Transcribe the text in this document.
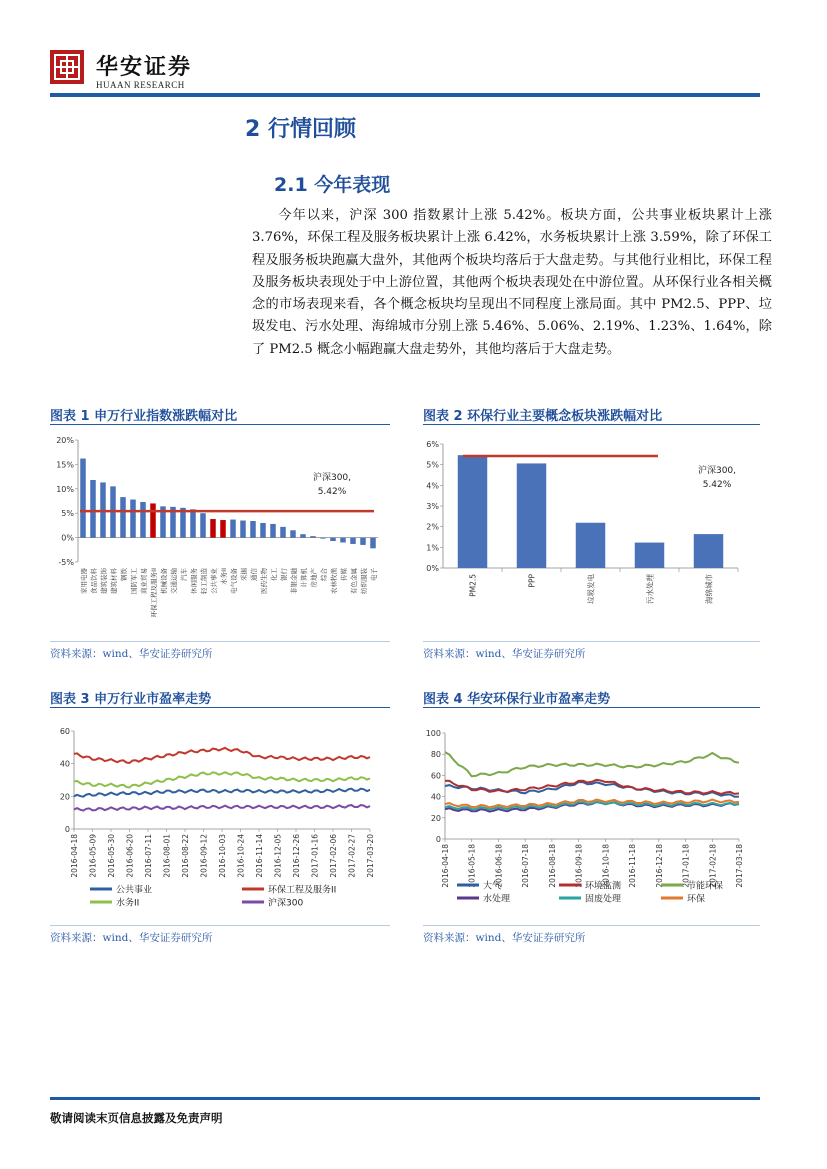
华安证券
HUAAN RESEARCH
2 行情回顾
2.1 今年表现
今年以来，沪深 300 指数累计上涨 5.42%。板块方面，公共事业板块累计上涨 3.76%，环保工程及服务板块累计上涨 6.42%，水务板块累计上涨 3.59%，除了环保工程及服务板块跑赢大盘外，其他两个板块均落后于大盘走势。与其他行业相比，环保工程及服务板块表现处于中上游位置，其他两个板块表现处在中游位置。从环保行业各相关概念的市场表现来看，各个概念板块均呈现出不同程度上涨局面。其中 PM2.5、PPP、垃圾发电、污水处理、海绵城市分别上涨 5.46%、5.06%、2.19%、1.23%、1.64%，除了 PM2.5 概念小幅跑赢大盘走势外，其他均落后于大盘走势。
图表 1 申万行业指数涨跌幅对比
20%
15%
10%
5%
0%
-5%
家用电器 食品饮料 建筑装饰 建筑材料 钢铁 国防军工 商业贸易 环保工程及服务II 机械设备 交通运输 汽车 休闲服务 轻工制造 公共事业 水务II 电气设备 采掘 通信 医药生物 化工 银行 非银金融 计算机 房地产 综合 农林牧渔 传媒 有色金属 纺织服装 电子
沪深300,
5.42%
资料来源：wind、华安证券研究所
图表 2 环保行业主要概念板块涨跌幅对比
6%
5%
4%
3%
2%
1%
0%
PM2.5	PPP	垃圾发电	污水处理	海绵城市
沪深300,
5.42%
资料来源：wind、华安证券研究所
图表 3 申万行业市盈率走势
60
40
20
0
2016-04-18 2016-05-09 2016-05-30 2016-06-20 2016-07-11 2016-08-01 2016-08-22 2016-09-12 2016-10-03 2016-10-24 2016-11-14 2016-12-05 2016-12-26 2017-01-16 2017-02-06 2017-02-27 2017-03-20
公共事业	环保工程及服务II
水务II	沪深300
资料来源：wind、华安证券研究所
图表 4 华安环保行业市盈率走势
100
80
60
40
20
0
2016-04-18 2016-05-18 2016-06-18 2016-07-18 2016-08-18 2016-09-18 2016-10-18 2016-11-18 2016-12-18 2017-01-18 2017-02-18 2017-03-18
大气	环境监测	节能环保
水处理	固废处理	环保
资料来源：wind、华安证券研究所
敬请阅读末页信息披露及免责声明
